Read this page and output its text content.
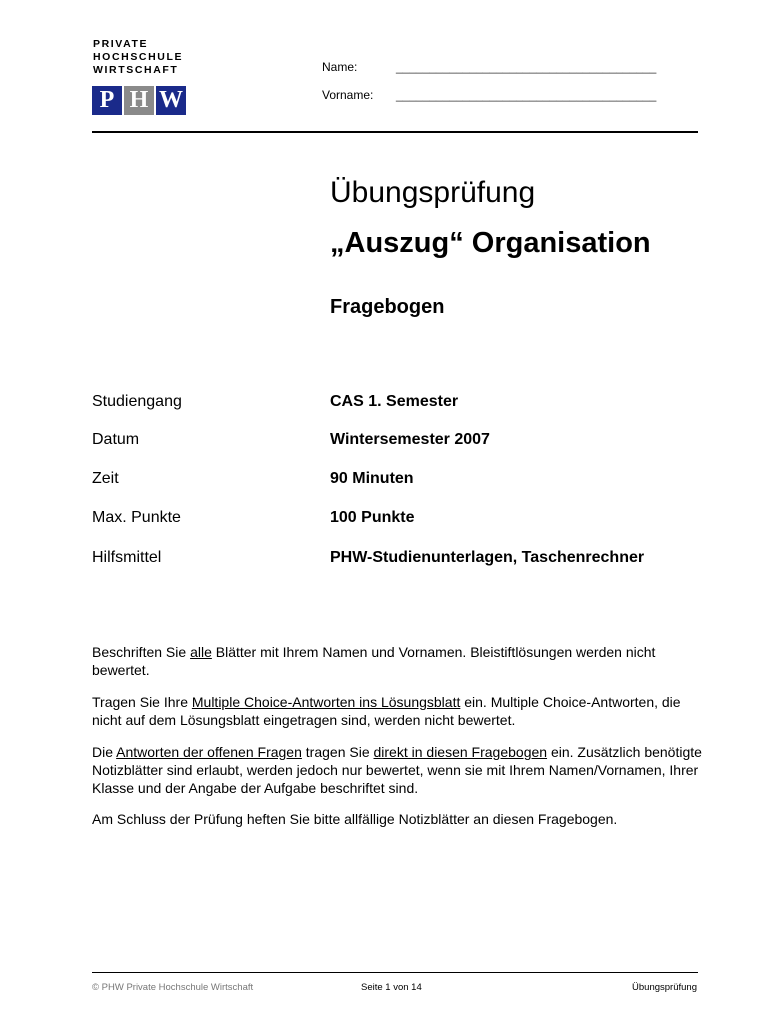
PRIVATE
HOCHSCHULE
WIRTSCHAFT
P H W
Name:	_______________________________________
Vorname: _______________________________________
Übungsprüfung
„Auszug“ Organisation
Fragebogen
Studiengang	CAS 1. Semester
Datum	Wintersemester 2007
Zeit	90 Minuten
Max. Punkte	100 Punkte
Hilfsmittel	PHW-Studienunterlagen, Taschenrechner
Beschriften Sie alle Blätter mit Ihrem Namen und Vornamen. Bleistiftlösungen werden nicht bewertet.
Tragen Sie Ihre Multiple Choice-Antworten ins Lösungsblatt ein. Multiple Choice-Antworten, die nicht auf dem Lösungsblatt eingetragen sind, werden nicht bewertet.
Die Antworten der offenen Fragen tragen Sie direkt in diesen Fragebogen ein. Zusätzlich benötigte Notizblätter sind erlaubt, werden jedoch nur bewertet, wenn sie mit Ihrem Namen/Vornamen, Ihrer Klasse und der Angabe der Aufgabe beschriftet sind.
Am Schluss der Prüfung heften Sie bitte allfällige Notizblätter an diesen Fragebogen.
© PHW Private Hochschule Wirtschaft	Seite 1 von 14	Übungsprüfung
